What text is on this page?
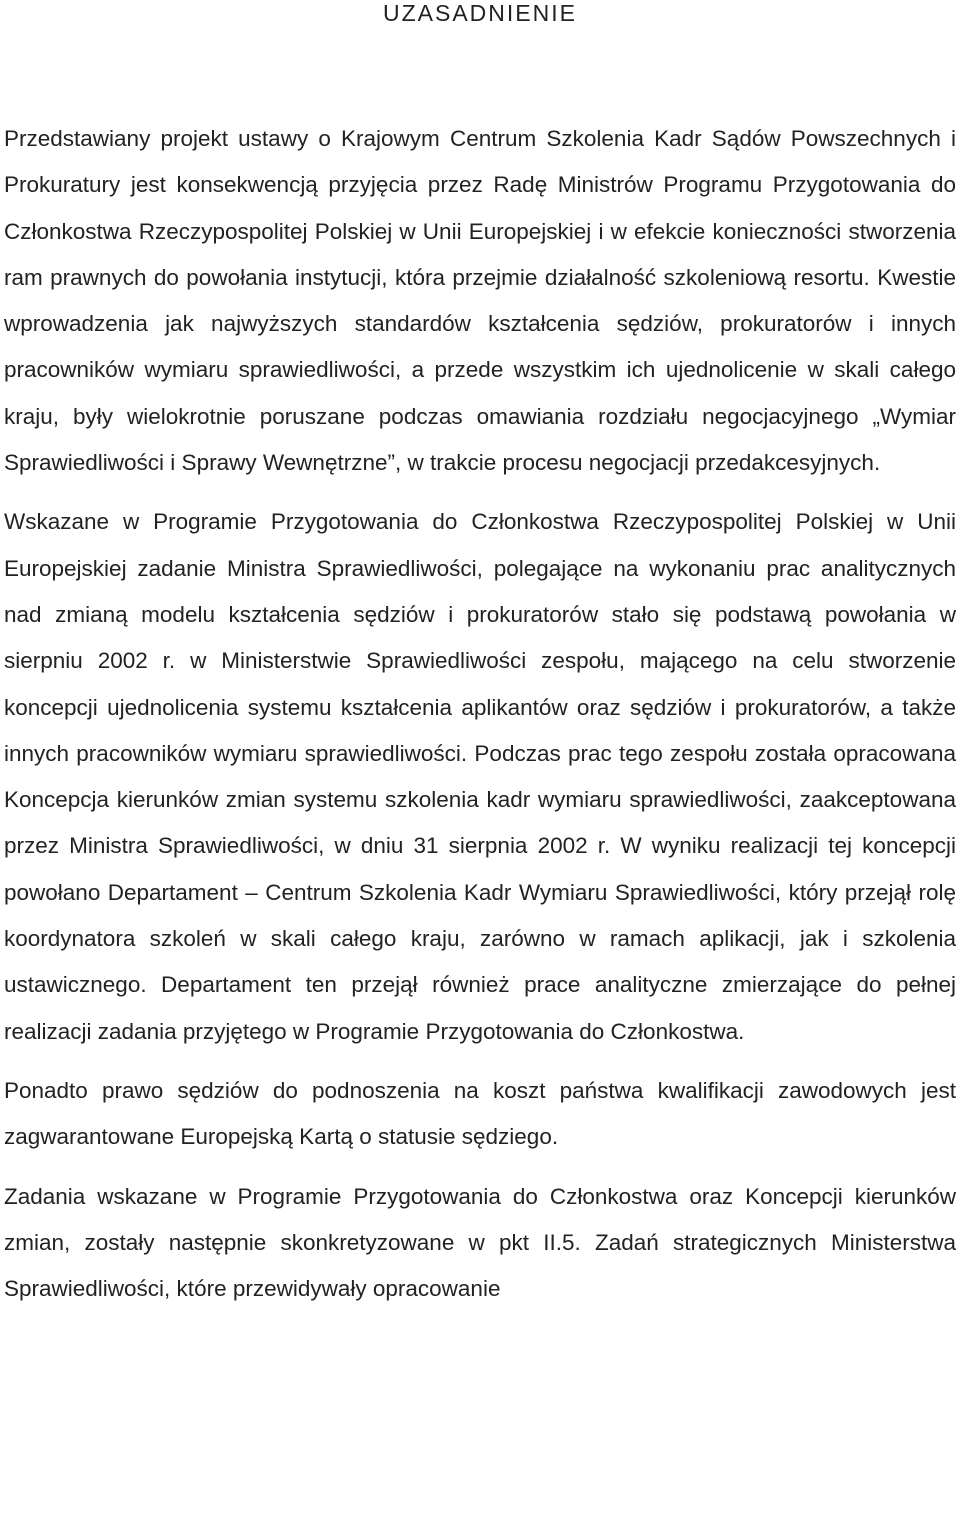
UZASADNIENIE

Przedstawiany projekt ustawy o Krajowym Centrum Szkolenia Kadr Sądów Powszechnych i Prokuratury jest konsekwencją przyjęcia przez Radę Ministrów Programu Przygotowania do Członkostwa Rzeczypospolitej Polskiej w Unii Europejskiej i w efekcie konieczności stworzenia ram prawnych do powołania instytucji, która przejmie działalność szkoleniową resortu. Kwestie wprowadzenia jak najwyższych standardów kształcenia sędziów, prokuratorów i innych pracowników wymiaru sprawiedliwości, a przede wszystkim ich ujednolicenie w skali całego kraju, były wielokrotnie poruszane podczas omawiania rozdziału negocjacyjnego „Wymiar Sprawiedliwości i Sprawy Wewnętrzne”, w trakcie procesu negocjacji przedakcesyjnych.

Wskazane w Programie Przygotowania do Członkostwa Rzeczypospolitej Polskiej w Unii Europejskiej zadanie Ministra Sprawiedliwości, polegające na wykonaniu prac analitycznych nad zmianą modelu kształcenia sędziów i prokuratorów stało się podstawą powołania w sierpniu 2002 r. w Ministerstwie Sprawiedliwości zespołu, mającego na celu stworzenie koncepcji ujednolicenia systemu kształcenia aplikantów oraz sędziów i prokuratorów, a także innych pracowników wymiaru sprawiedliwości. Podczas prac tego zespołu została opracowana Koncepcja kierunków zmian systemu szkolenia kadr wymiaru sprawiedliwości, zaakceptowana przez Ministra Sprawiedliwości, w dniu 31 sierpnia 2002 r. W wyniku realizacji tej koncepcji powołano Departament – Centrum Szkolenia Kadr Wymiaru Sprawiedliwości, który przejął rolę koordynatora szkoleń w skali całego kraju, zarówno w ramach aplikacji, jak i szkolenia ustawicznego. Departament ten przejął również prace analityczne zmierzające do pełnej realizacji zadania przyjętego w Programie Przygotowania do Członkostwa.

Ponadto prawo sędziów do podnoszenia na koszt państwa kwalifikacji zawodowych jest zagwarantowane Europejską Kartą o statusie sędziego.

Zadania wskazane w Programie Przygotowania do Członkostwa oraz Koncepcji kierunków zmian, zostały następnie skonkretyzowane w pkt II.5. Zadań strategicznych Ministerstwa Sprawiedliwości, które przewidywały opracowanie
